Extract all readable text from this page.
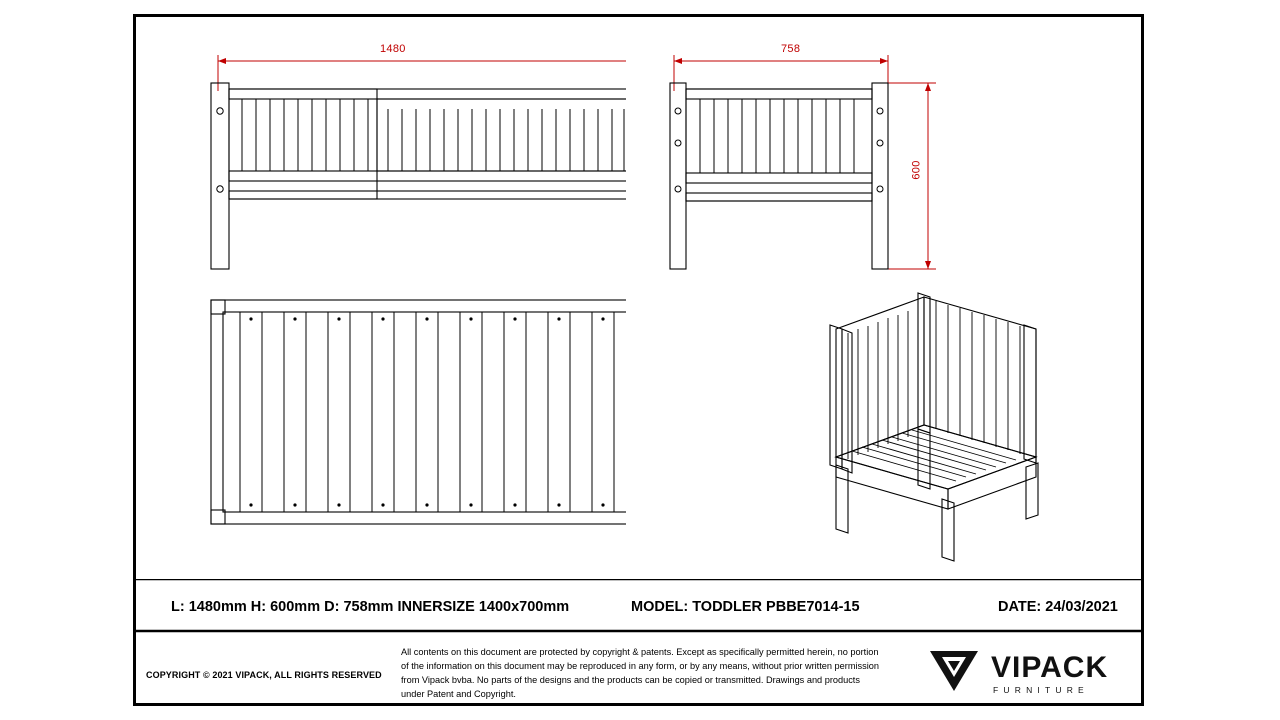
1480	758
600
L: 1480mm H: 600mm D: 758mm INNERSIZE 1400x700mm	MODEL: TODDLER PBBE7014-15	DATE: 24/03/2021
COPYRIGHT © 2021 VIPACK, ALL RIGHTS RESERVED
All contents on this document are protected by copyright & patents. Except as specifically permitted herein, no portion of the information on this document may be reproduced in any form, or by any means, without prior written permission from Vipack bvba. No parts of the designs and the products can be copied or transmitted. Drawings and products under Patent and Copyright.
VIPACK
FURNITURE
